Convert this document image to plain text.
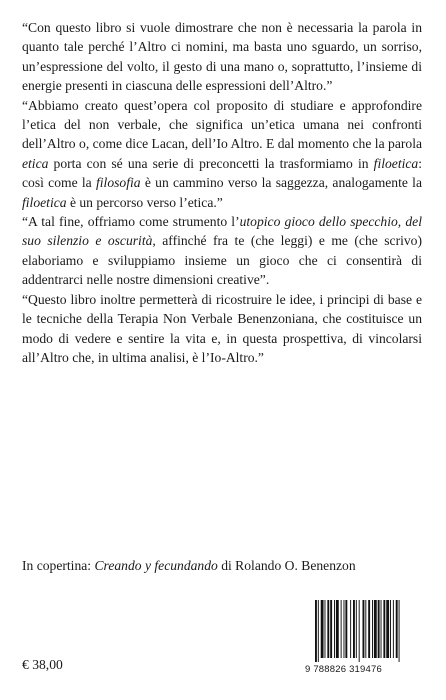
“Con questo libro si vuole dimostrare che non è necessaria la parola in quanto tale perché l’Altro ci nomini, ma basta uno sguardo, un sorriso, un’espressione del volto, il gesto di una mano o, soprattutto, l’insieme di energie presenti in ciascuna delle espressioni dell’Altro.”

“Abbiamo creato quest’opera col proposito di studiare e approfondire l’etica del non verbale, che significa un’etica umana nei confronti dell’Altro o, come dice Lacan, dell’Io Altro. E dal momento che la parola etica porta con sé una serie di preconcetti la trasformiamo in filoetica: così come la filosofia è un cammino verso la saggezza, analogamente la filoetica è un percorso verso l’etica.”

“A tal fine, offriamo come strumento l’utopico gioco dello specchio, del suo silenzio e oscurità, affinché fra te (che leggi) e me (che scrivo) elaboriamo e sviluppiamo insieme un gioco che ci consentirà di addentrarci nelle nostre dimensioni creative”.

“Questo libro inoltre permetterà di ricostruire le idee, i principi di base e le tecniche della Terapia Non Verbale Benenzoniana, che costituisce un modo di vedere e sentire la vita e, in questa prospettiva, di vincolarsi all’Altro che, in ultima analisi, è l’Io-Altro.”

In copertina: Creando y fecundando di Rolando O. Benenzon
€ 38,00	9 788826 319476
